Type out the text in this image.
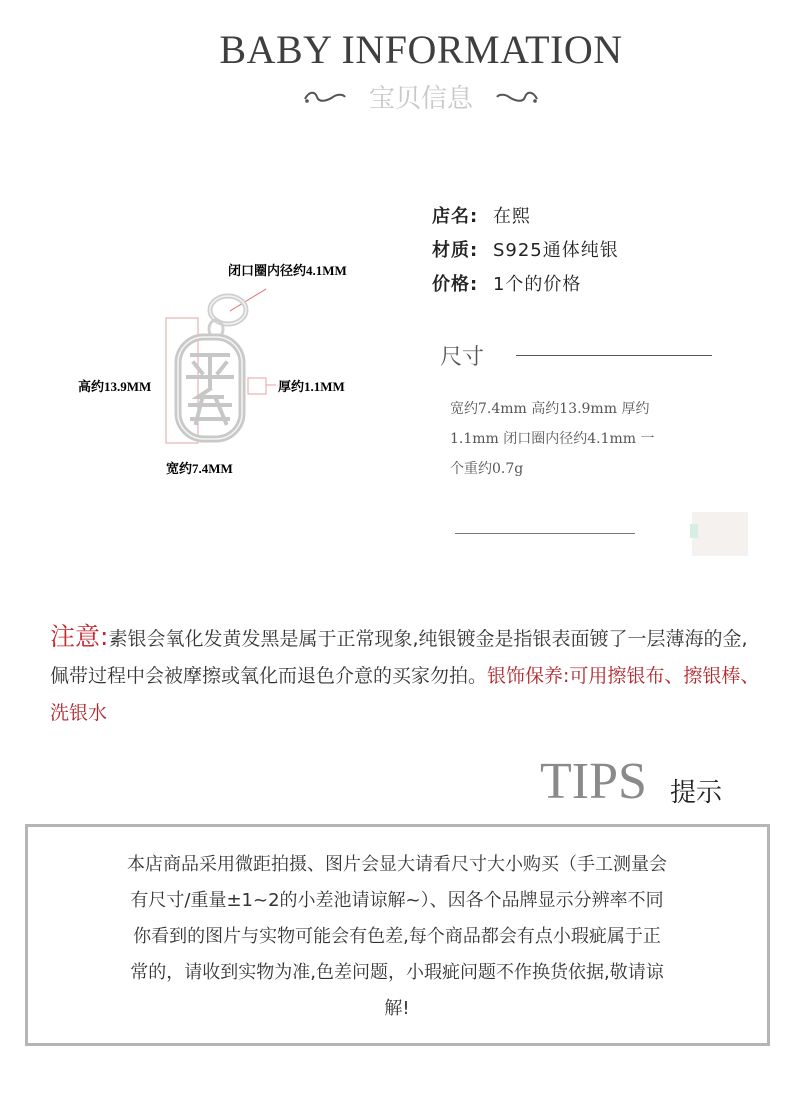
BABY INFORMATION
宝贝信息
闭口圈内径约4.1MM
高约13.9MM	厚约1.1MM
宽约7.4MM
店名: 在熙
材质: S925通体纯银
价格: 1个的价格
尺寸
宽约7.4mm 高约13.9mm 厚约
1.1mm 闭口圈内径约4.1mm 一
个重约0.7g
注意:素银会氧化发黄发黑是属于正常现象,纯银镀金是指银表面镀了一层薄海的金,佩带过程中会被摩擦或氧化而退色介意的买家勿拍。银饰保养:可用擦银布、擦银棒、洗银水
TIPS 提示
本店商品采用微距拍摄、图片会显大请看尺寸大小购买（手工测量会
有尺寸/重量±1~2的小差池请谅解~）、因各个品牌显示分辨率不同
你看到的图片与实物可能会有色差,每个商品都会有点小瑕疵属于正
常的，请收到实物为准,色差问题，小瑕疵问题不作换货依据,敬请谅
解!
